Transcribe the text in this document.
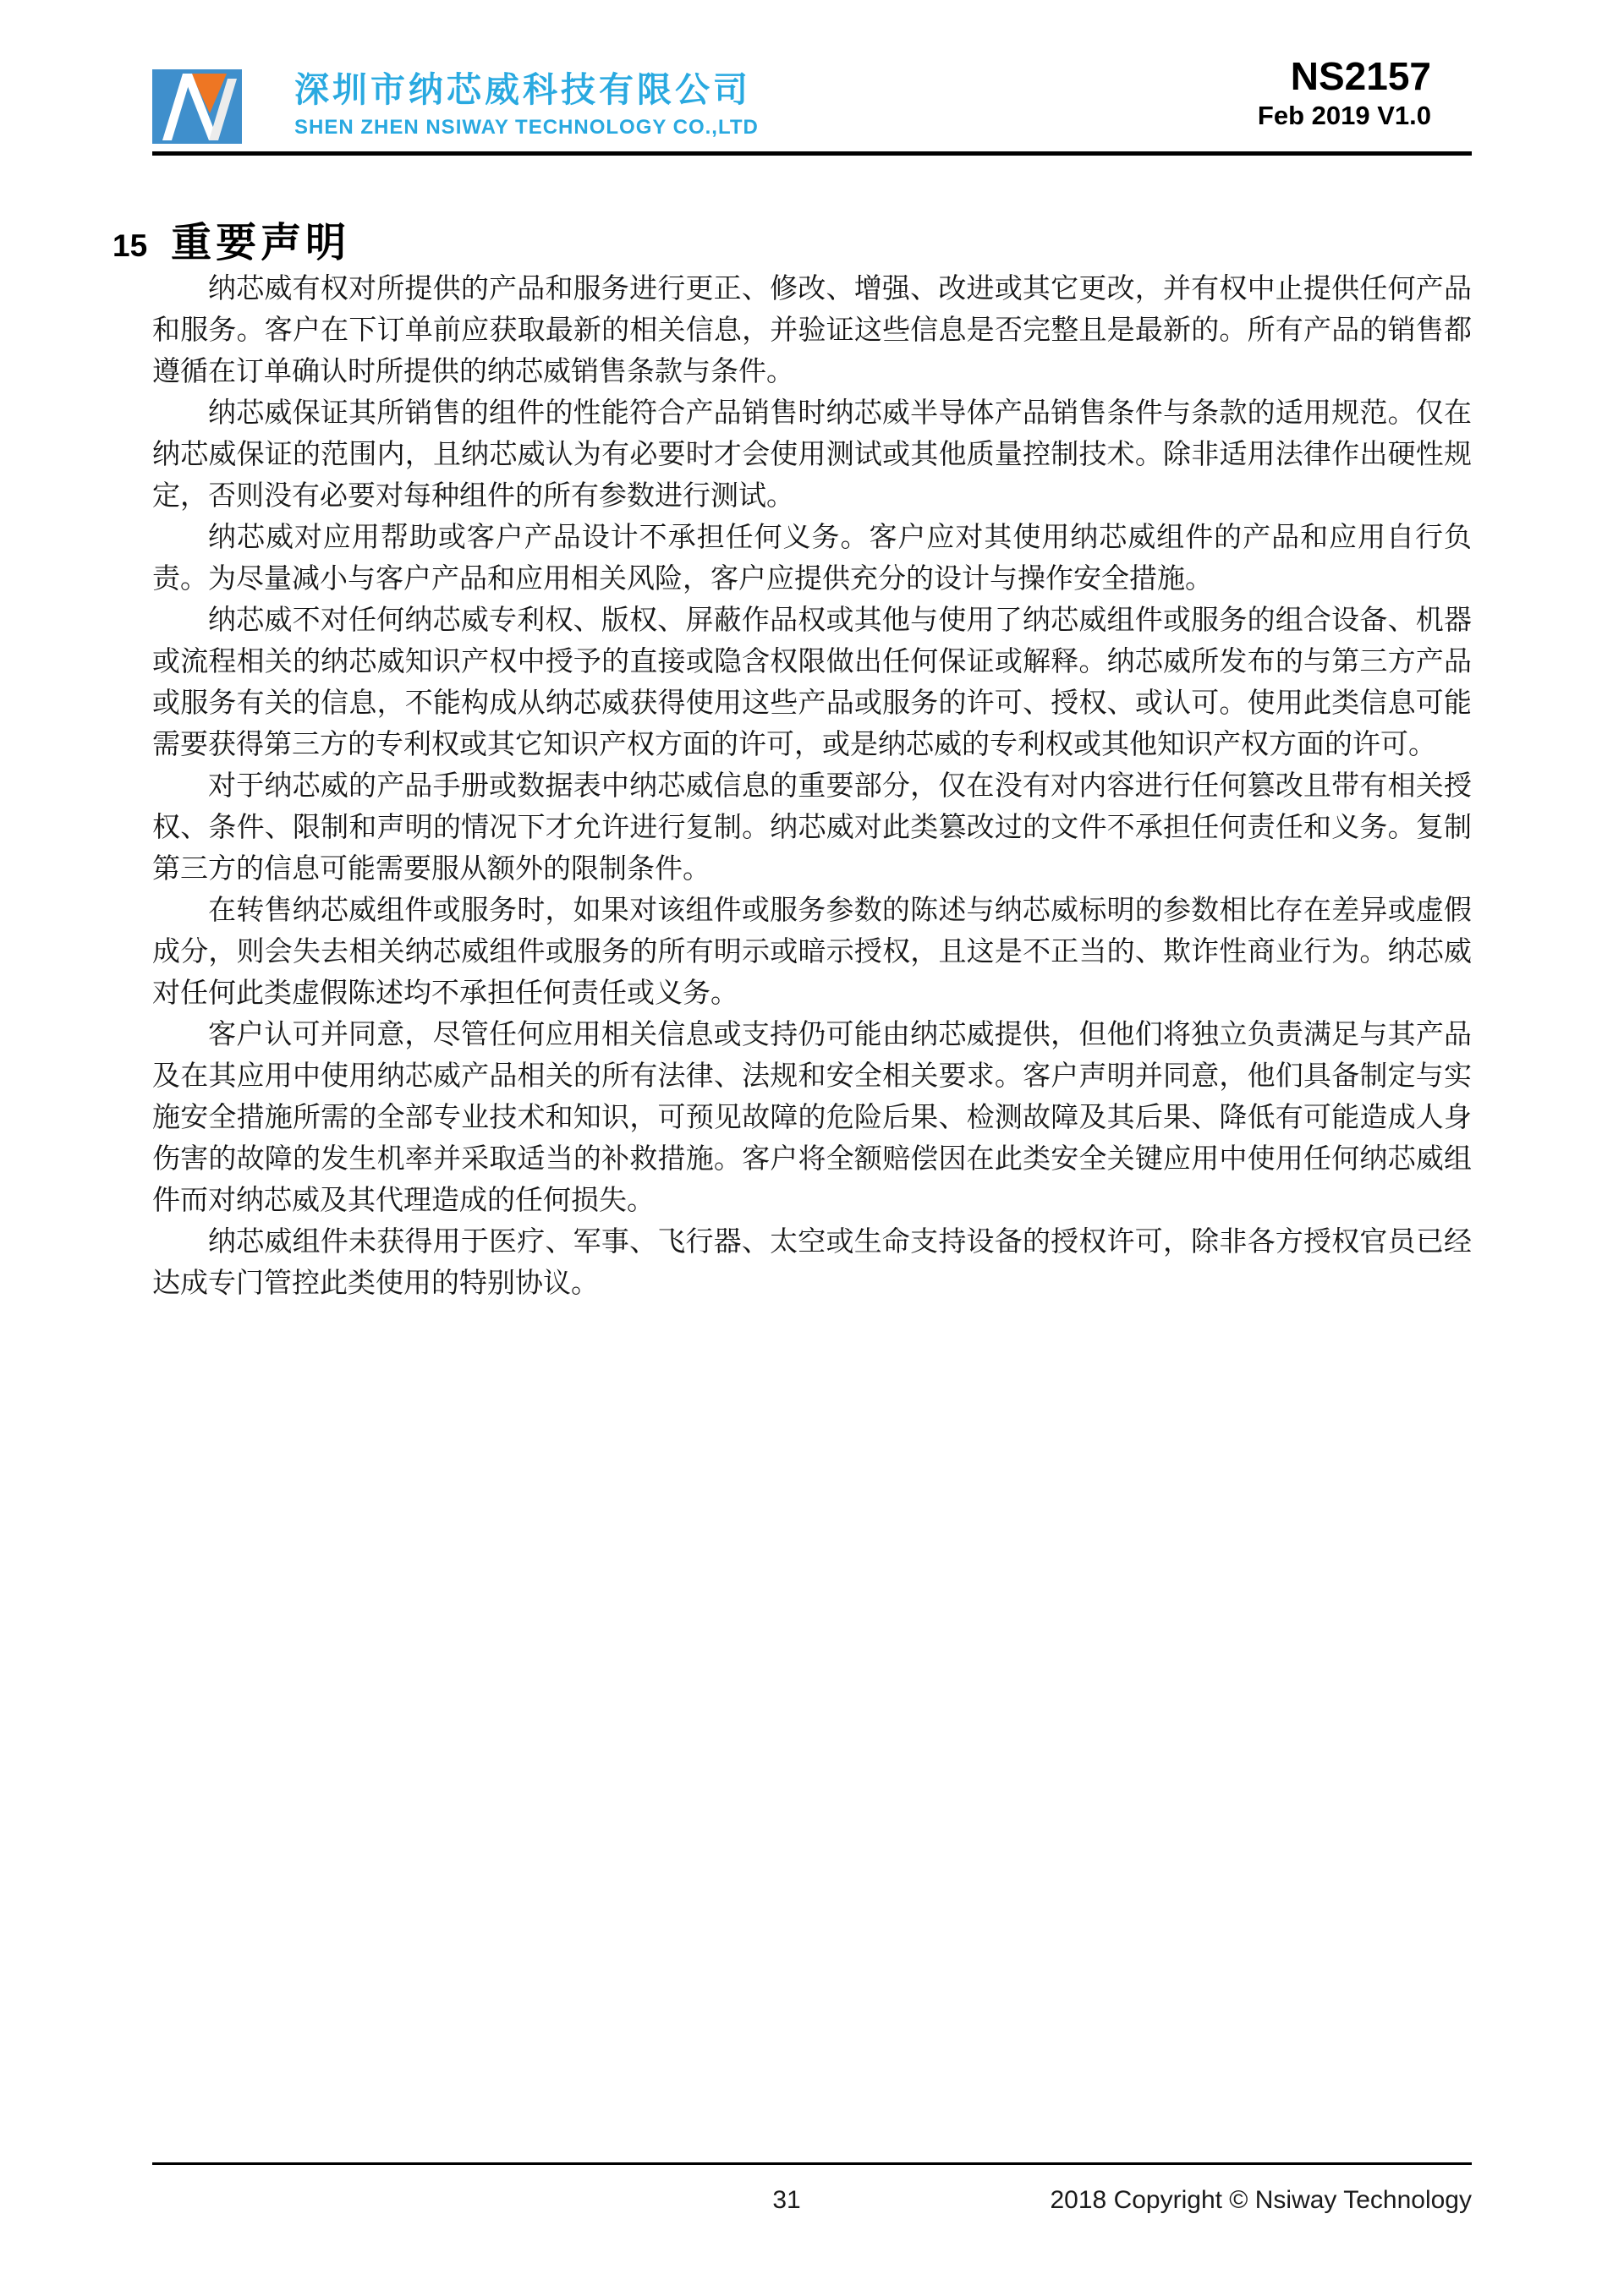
深圳市纳芯威科技有限公司
SHEN ZHEN NSIWAY TECHNOLOGY CO.,LTD
NS2157
Feb 2019 V1.0
15 重要声明

纳芯威有权对所提供的产品和服务进行更正、修改、增强、改进或其它更改，并有权中止提供任何产品和服务。客户在下订单前应获取最新的相关信息，并验证这些信息是否完整且是最新的。所有产品的销售都遵循在订单确认时所提供的纳芯威销售条款与条件。

纳芯威保证其所销售的组件的性能符合产品销售时纳芯威半导体产品销售条件与条款的适用规范。仅在纳芯威保证的范围内，且纳芯威认为有必要时才会使用测试或其他质量控制技术。除非适用法律作出硬性规定，否则没有必要对每种组件的所有参数进行测试。

纳芯威对应用帮助或客户产品设计不承担任何义务。客户应对其使用纳芯威组件的产品和应用自行负责。为尽量减小与客户产品和应用相关风险，客户应提供充分的设计与操作安全措施。

纳芯威不对任何纳芯威专利权、版权、屏蔽作品权或其他与使用了纳芯威组件或服务的组合设备、机器或流程相关的纳芯威知识产权中授予的直接或隐含权限做出任何保证或解释。纳芯威所发布的与第三方产品或服务有关的信息，不能构成从纳芯威获得使用这些产品或服务的许可、授权、或认可。使用此类信息可能需要获得第三方的专利权或其它知识产权方面的许可，或是纳芯威的专利权或其他知识产权方面的许可。

对于纳芯威的产品手册或数据表中纳芯威信息的重要部分，仅在没有对内容进行任何篡改且带有相关授权、条件、限制和声明的情况下才允许进行复制。纳芯威对此类篡改过的文件不承担任何责任和义务。复制第三方的信息可能需要服从额外的限制条件。

在转售纳芯威组件或服务时，如果对该组件或服务参数的陈述与纳芯威标明的参数相比存在差异或虚假成分，则会失去相关纳芯威组件或服务的所有明示或暗示授权，且这是不正当的、欺诈性商业行为。纳芯威对任何此类虚假陈述均不承担任何责任或义务。

客户认可并同意，尽管任何应用相关信息或支持仍可能由纳芯威提供，但他们将独立负责满足与其产品及在其应用中使用纳芯威产品相关的所有法律、法规和安全相关要求。客户声明并同意，他们具备制定与实施安全措施所需的全部专业技术和知识，可预见故障的危险后果、检测故障及其后果、降低有可能造成人身伤害的故障的发生机率并采取适当的补救措施。客户将全额赔偿因在此类安全关键应用中使用任何纳芯威组件而对纳芯威及其代理造成的任何损失。

纳芯威组件未获得用于医疗、军事、飞行器、太空或生命支持设备的授权许可，除非各方授权官员已经达成专门管控此类使用的特别协议。

31	2018 Copyright © Nsiway Technology
